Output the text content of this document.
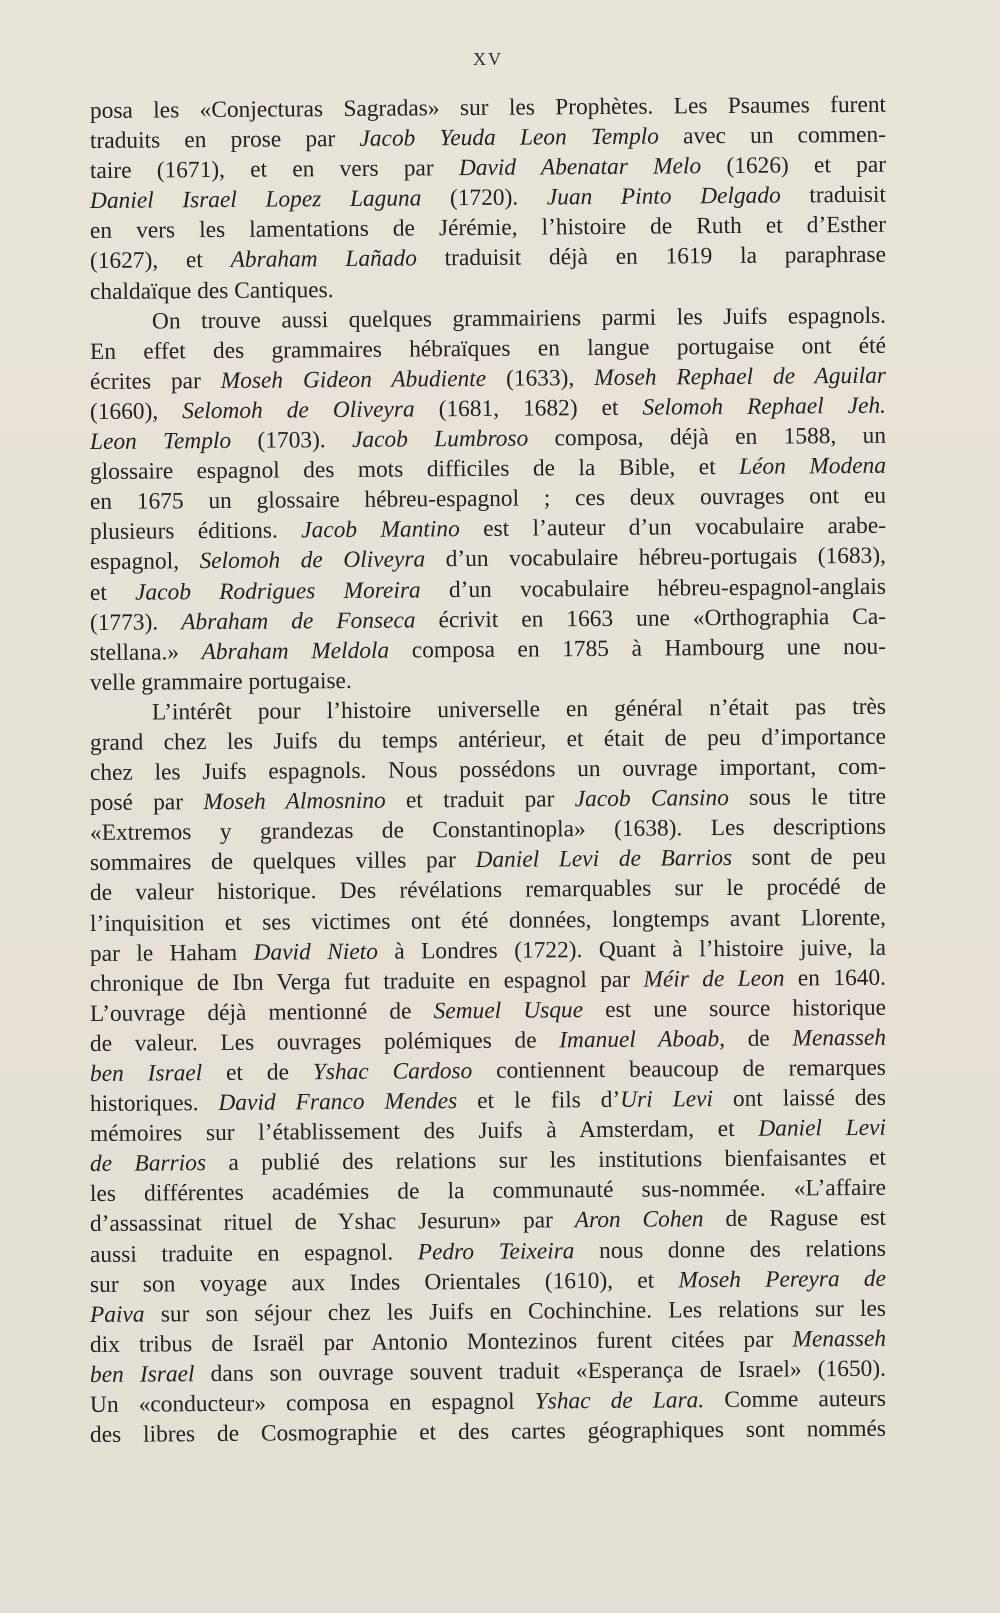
XV
posa les «Conjecturas Sagradas» sur les Prophètes. Les Psaumes furent
traduits en prose par Jacob Yeuda Leon Templo avec un commen-
taire (1671), et en vers par David Abenatar Melo (1626) et par
Daniel Israel Lopez Laguna (1720). Juan Pinto Delgado traduisit
en vers les lamentations de Jérémie, l’histoire de Ruth et d’Esther
(1627), et Abraham Lañado traduisit déjà en 1619 la paraphrase
chaldaïque des Cantiques.
On trouve aussi quelques grammairiens parmi les Juifs espagnols.
En effet des grammaires hébraïques en langue portugaise ont été
écrites par Moseh Gideon Abudiente (1633), Moseh Rephael de Aguilar
(1660), Selomoh de Oliveyra (1681, 1682) et Selomoh Rephael Jeh.
Leon Templo (1703). Jacob Lumbroso composa, déjà en 1588, un
glossaire espagnol des mots difficiles de la Bible, et Léon Modena
en 1675 un glossaire hébreu-espagnol ; ces deux ouvrages ont eu
plusieurs éditions. Jacob Mantino est l’auteur d’un vocabulaire arabe-
espagnol, Selomoh de Oliveyra d’un vocabulaire hébreu-portugais (1683),
et Jacob Rodrigues Moreira d’un vocabulaire hébreu-espagnol-anglais
(1773). Abraham de Fonseca écrivit en 1663 une «Orthographia Ca-
stellana.» Abraham Meldola composa en 1785 à Hambourg une nou-
velle grammaire portugaise.
L’intérêt pour l’histoire universelle en général n’était pas très
grand chez les Juifs du temps antérieur, et était de peu d’importance
chez les Juifs espagnols. Nous possédons un ouvrage important, com-
posé par Moseh Almosnino et traduit par Jacob Cansino sous le titre
«Extremos y grandezas de Constantinopla» (1638). Les descriptions
sommaires de quelques villes par Daniel Levi de Barrios sont de peu
de valeur historique. Des révélations remarquables sur le procédé de
l’inquisition et ses victimes ont été données, longtemps avant Llorente,
par le Haham David Nieto à Londres (1722). Quant à l’histoire juive, la
chronique de Ibn Verga fut traduite en espagnol par Méir de Leon en 1640.
L’ouvrage déjà mentionné de Semuel Usque est une source historique
de valeur. Les ouvrages polémiques de Imanuel Aboab, de Menasseh
ben Israel et de Yshac Cardoso contiennent beaucoup de remarques
historiques. David Franco Mendes et le fils d’Uri Levi ont laissé des
mémoires sur l’établissement des Juifs à Amsterdam, et Daniel Levi
de Barrios a publié des relations sur les institutions bienfaisantes et
les différentes académies de la communauté sus-nommée. «L’affaire
d’assassinat rituel de Yshac Jesurun» par Aron Cohen de Raguse est
aussi traduite en espagnol. Pedro Teixeira nous donne des relations
sur son voyage aux Indes Orientales (1610), et Moseh Pereyra de
Paiva sur son séjour chez les Juifs en Cochinchine. Les relations sur les
dix tribus de Israël par Antonio Montezinos furent citées par Menasseh
ben Israel dans son ouvrage souvent traduit «Esperança de Israel» (1650).
Un «conducteur» composa en espagnol Yshac de Lara. Comme auteurs
des libres de Cosmographie et des cartes géographiques sont nommés
